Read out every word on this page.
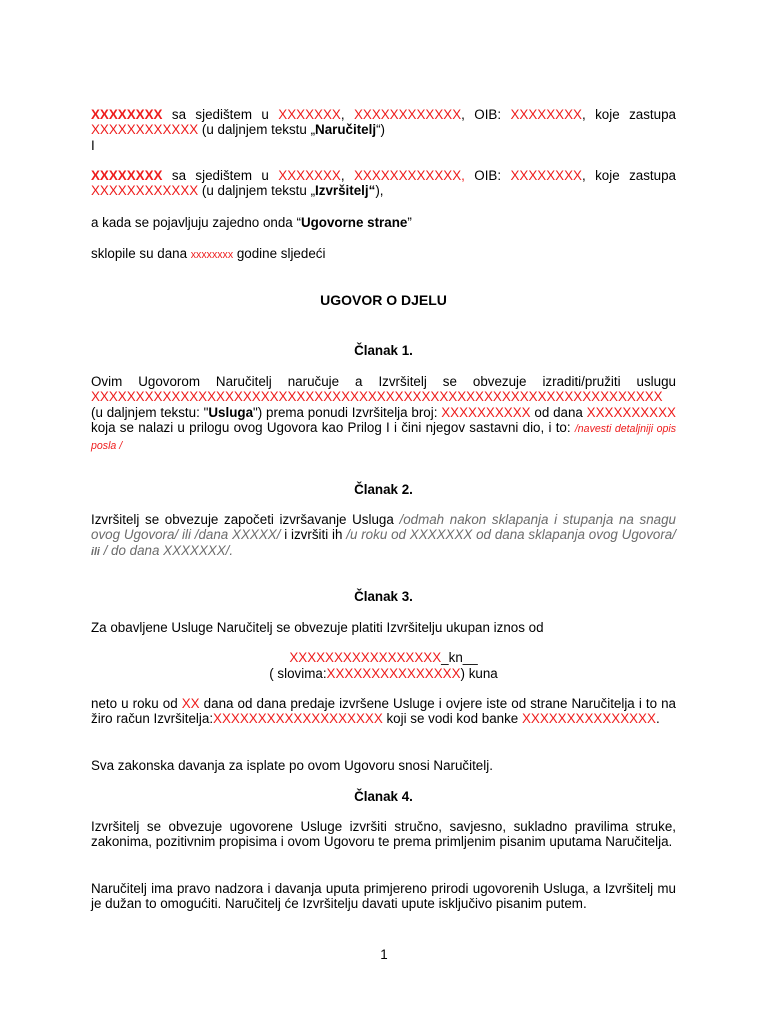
XXXXXXXX sa sjedištem u XXXXXXX, XXXXXXXXXXXX, OIB: XXXXXXXX, koje zastupa XXXXXXXXXXXX (u daljnjem tekstu „Naručitelj“)

I

XXXXXXXX sa sjedištem u XXXXXXX, XXXXXXXXXXXX, OIB: XXXXXXXX, koje zastupa XXXXXXXXXXXX (u daljnjem tekstu „Izvršitelj“),

a kada se pojavljuju zajedno onda “Ugovorne strane”

sklopile su dana xxxxxxxx godine sljedeći

UGOVOR O DJELU

Članak 1.

Ovim Ugovorom Naručitelj naručuje a Izvršitelj se obvezuje izraditi/pružiti uslugu XXXXXXXXXXXXXXXXXXXXXXXXXXXXXXXXXXXXXXXXXXXXXXXXXXXXXXXXXXXXXXXX (u daljnjem tekstu: "Usluga") prema ponudi Izvršitelja broj: XXXXXXXXXX od dana XXXXXXXXXX koja se nalazi u prilogu ovog Ugovora kao Prilog I i čini njegov sastavni dio, i to: /navesti detaljniji opis posla /

Članak 2.

Izvršitelj se obvezuje započeti izvršavanje Usluga /odmah nakon sklapanja i stupanja na snagu ovog Ugovora/ ili /dana XXXXX/ i izvršiti ih /u roku od XXXXXXX od dana sklapanja ovog Ugovora/ ili / do dana XXXXXXX/.

Članak 3.

Za obavljene Usluge Naručitelj se obvezuje platiti Izvršitelju ukupan iznos od

XXXXXXXXXXXXXXXXX_kn__

( slovima:XXXXXXXXXXXXXXX) kuna

neto u roku od XX dana od dana predaje izvršene Usluge i ovjere iste od strane Naručitelja i to na žiro račun Izvršitelja:XXXXXXXXXXXXXXXXXXX koji se vodi kod banke XXXXXXXXXXXXXXX.

Sva zakonska davanja za isplate po ovom Ugovoru snosi Naručitelj.

Članak 4.

Izvršitelj se obvezuje ugovorene Usluge izvršiti stručno, savjesno, sukladno pravilima struke, zakonima, pozitivnim propisima i ovom Ugovoru te prema primljenim pisanim uputama Naručitelja.

Naručitelj ima pravo nadzora i davanja uputa primjereno prirodi ugovorenih Usluga, a Izvršitelj mu je dužan to omogućiti. Naručitelj će Izvršitelju davati upute isključivo pisanim putem.

1
